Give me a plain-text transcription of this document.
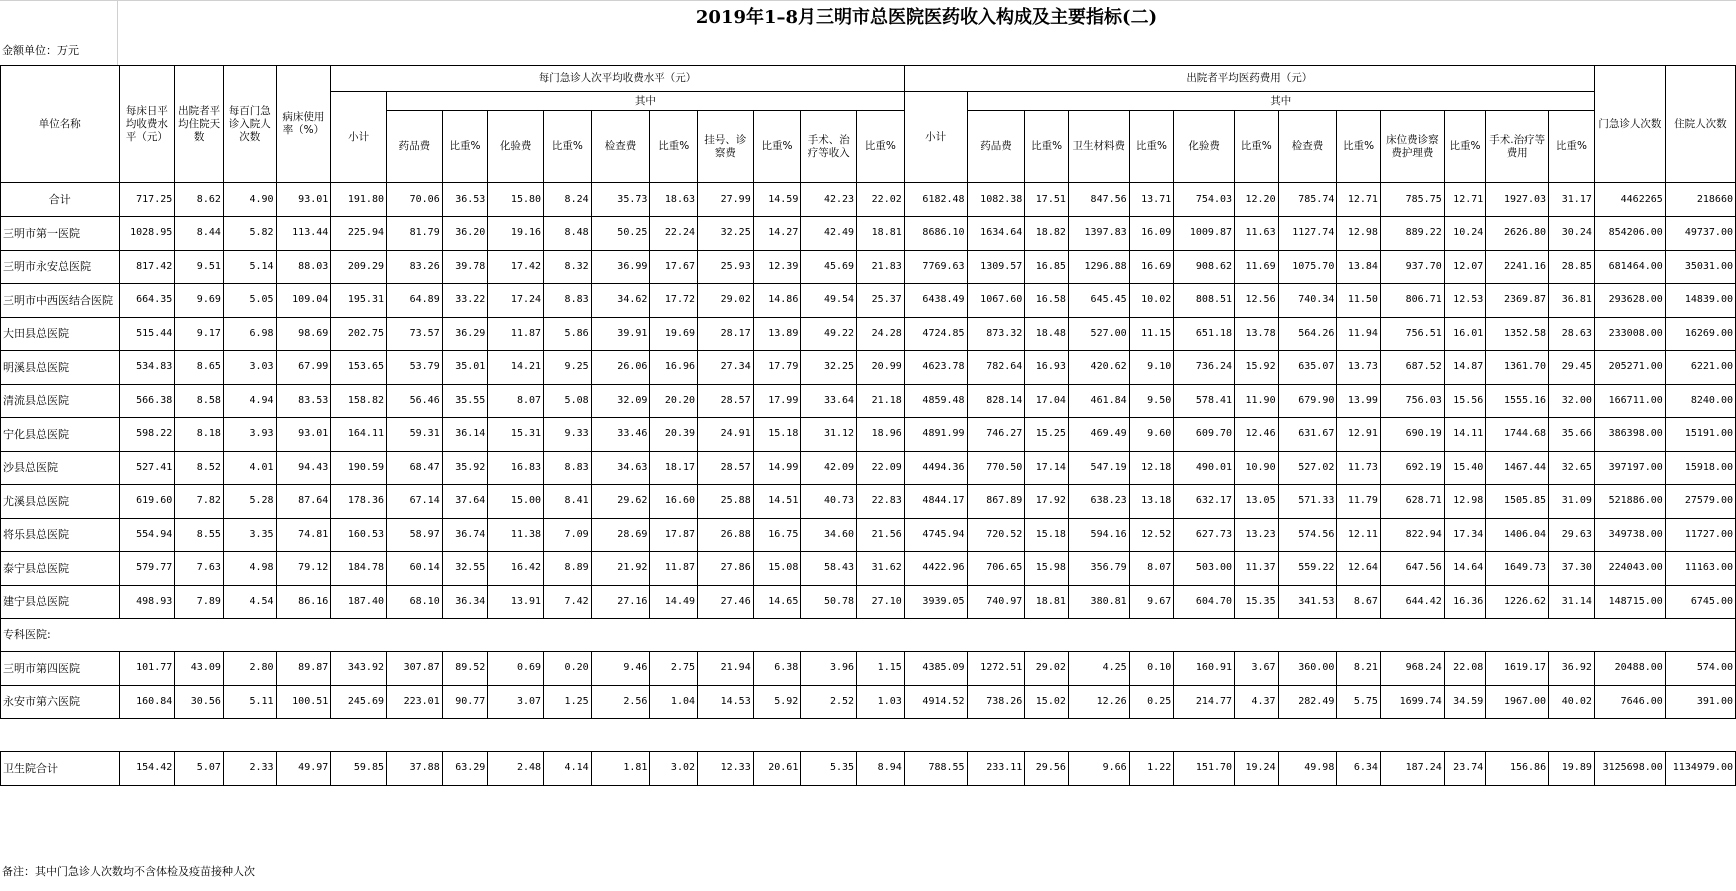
2019年1–8月三明市总医院医药收入构成及主要指标(二)
金额单位：万元
单位名称	每床日平均收费水平（元）	出院者平均住院天数	每百门急诊入院人次数	病床使用率（%）	每门急诊人次平均收费水平（元）											出院者平均医药费用（元）													门急诊人次数	住院人次数
					小计	其中										小计	其中													
						药品费	比重%	化验费	比重%	检查费	比重%	挂号、诊察费	比重%	手术、治疗等收入	比重%		药品费	比重%	卫生材料费	比重%	化验费	比重%	检查费	比重%	床位费诊察费护理费	比重%	手术.治疗等费用	比重%		
合计	717.25	8.62	4.90	93.01	191.80	70.06	36.53	15.80	8.24	35.73	18.63	27.99	14.59	42.23	22.02	6182.48	1082.38	17.51	847.56	13.71	754.03	12.20	785.74	12.71	785.75	12.71	1927.03	31.17	4462265	218660
三明市第一医院	1028.95	8.44	5.82	113.44	225.94	81.79	36.20	19.16	8.48	50.25	22.24	32.25	14.27	42.49	18.81	8686.10	1634.64	18.82	1397.83	16.09	1009.87	11.63	1127.74	12.98	889.22	10.24	2626.80	30.24	854206.00	49737.00
三明市永安总医院	817.42	9.51	5.14	88.03	209.29	83.26	39.78	17.42	8.32	36.99	17.67	25.93	12.39	45.69	21.83	7769.63	1309.57	16.85	1296.88	16.69	908.62	11.69	1075.70	13.84	937.70	12.07	2241.16	28.85	681464.00	35031.00
三明市中西医结合医院	664.35	9.69	5.05	109.04	195.31	64.89	33.22	17.24	8.83	34.62	17.72	29.02	14.86	49.54	25.37	6438.49	1067.60	16.58	645.45	10.02	808.51	12.56	740.34	11.50	806.71	12.53	2369.87	36.81	293628.00	14839.00
大田县总医院	515.44	9.17	6.98	98.69	202.75	73.57	36.29	11.87	5.86	39.91	19.69	28.17	13.89	49.22	24.28	4724.85	873.32	18.48	527.00	11.15	651.18	13.78	564.26	11.94	756.51	16.01	1352.58	28.63	233008.00	16269.00
明溪县总医院	534.83	8.65	3.03	67.99	153.65	53.79	35.01	14.21	9.25	26.06	16.96	27.34	17.79	32.25	20.99	4623.78	782.64	16.93	420.62	9.10	736.24	15.92	635.07	13.73	687.52	14.87	1361.70	29.45	205271.00	6221.00
清流县总医院	566.38	8.58	4.94	83.53	158.82	56.46	35.55	8.07	5.08	32.09	20.20	28.57	17.99	33.64	21.18	4859.48	828.14	17.04	461.84	9.50	578.41	11.90	679.90	13.99	756.03	15.56	1555.16	32.00	166711.00	8240.00
宁化县总医院	598.22	8.18	3.93	93.01	164.11	59.31	36.14	15.31	9.33	33.46	20.39	24.91	15.18	31.12	18.96	4891.99	746.27	15.25	469.49	9.60	609.70	12.46	631.67	12.91	690.19	14.11	1744.68	35.66	386398.00	15191.00
沙县总医院	527.41	8.52	4.01	94.43	190.59	68.47	35.92	16.83	8.83	34.63	18.17	28.57	14.99	42.09	22.09	4494.36	770.50	17.14	547.19	12.18	490.01	10.90	527.02	11.73	692.19	15.40	1467.44	32.65	397197.00	15918.00
尤溪县总医院	619.60	7.82	5.28	87.64	178.36	67.14	37.64	15.00	8.41	29.62	16.60	25.88	14.51	40.73	22.83	4844.17	867.89	17.92	638.23	13.18	632.17	13.05	571.33	11.79	628.71	12.98	1505.85	31.09	521886.00	27579.00
将乐县总医院	554.94	8.55	3.35	74.81	160.53	58.97	36.74	11.38	7.09	28.69	17.87	26.88	16.75	34.60	21.56	4745.94	720.52	15.18	594.16	12.52	627.73	13.23	574.56	12.11	822.94	17.34	1406.04	29.63	349738.00	11727.00
泰宁县总医院	579.77	7.63	4.98	79.12	184.78	60.14	32.55	16.42	8.89	21.92	11.87	27.86	15.08	58.43	31.62	4422.96	706.65	15.98	356.79	8.07	503.00	11.37	559.22	12.64	647.56	14.64	1649.73	37.30	224043.00	11163.00
建宁县总医院	498.93	7.89	4.54	86.16	187.40	68.10	36.34	13.91	7.42	27.16	14.49	27.46	14.65	50.78	27.10	3939.05	740.97	18.81	380.81	9.67	604.70	15.35	341.53	8.67	644.42	16.36	1226.62	31.14	148715.00	6745.00
专科医院:																														
三明市第四医院	101.77	43.09	2.80	89.87	343.92	307.87	89.52	0.69	0.20	9.46	2.75	21.94	6.38	3.96	1.15	4385.09	1272.51	29.02	4.25	0.10	160.91	3.67	360.00	8.21	968.24	22.08	1619.17	36.92	20488.00	574.00
永安市第六医院	160.84	30.56	5.11	100.51	245.69	223.01	90.77	3.07	1.25	2.56	1.04	14.53	5.92	2.52	1.03	4914.52	738.26	15.02	12.26	0.25	214.77	4.37	282.49	5.75	1699.74	34.59	1967.00	40.02	7646.00	391.00

卫生院合计	154.42	5.07	2.33	49.97	59.85	37.88	63.29	2.48	4.14	1.81	3.02	12.33	20.61	5.35	8.94	788.55	233.11	29.56	9.66	1.22	151.70	19.24	49.98	6.34	187.24	23.74	156.86	19.89	3125698.00	1134979.00
备注：其中门急诊人次数均不含体检及疫苗接种人次
